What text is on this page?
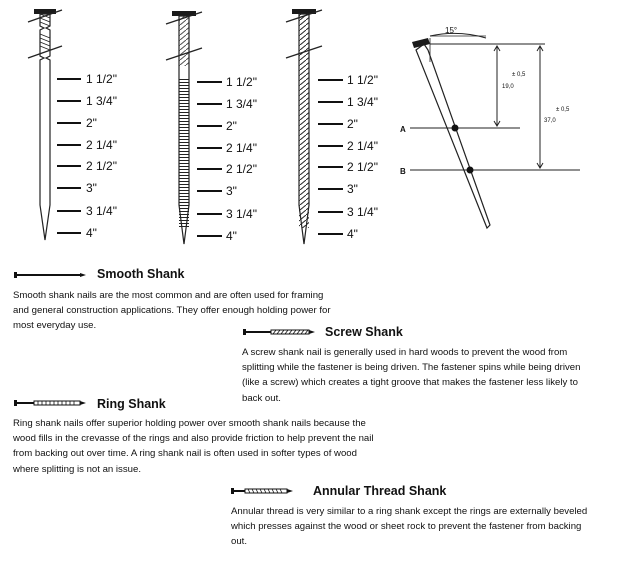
1 1/2"
1 3/4"
2"
2 1/4"
2 1/2"
3"
3 1/4"
4"
1 1/2"
1 3/4"
2"
2 1/4"
2 1/2"
3"
3 1/4"
4"
1 1/2"
1 3/4"
2"
2 1/4"
2 1/2"
3"
3 1/4"
4"
15°
19,0
± 0,5
37,0
± 0,5
A
B
Smooth Shank
Smooth shank nails are the most common and are often used for framing and general construction applications. They offer enough holding power for most everyday use.	Screw Shank
A screw shank nail is generally used in hard woods to prevent the wood from splitting while the fastener is being driven. The fastener spins while being driven (like a screw) which creates a tight groove that makes the fastener less likely to back out.
Ring Shank
Ring shank nails offer superior holding power over smooth shank nails because the wood fills in the crevasse of the rings and also provide friction to help prevent the nail from backing out over time. A ring shank nail is often used in softer types of wood where splitting is not an issue.
Annular Thread Shank
Annular thread is very similar to a ring shank except the rings are externally beveled which presses against the wood or sheet rock to prevent the fastener from backing out.
